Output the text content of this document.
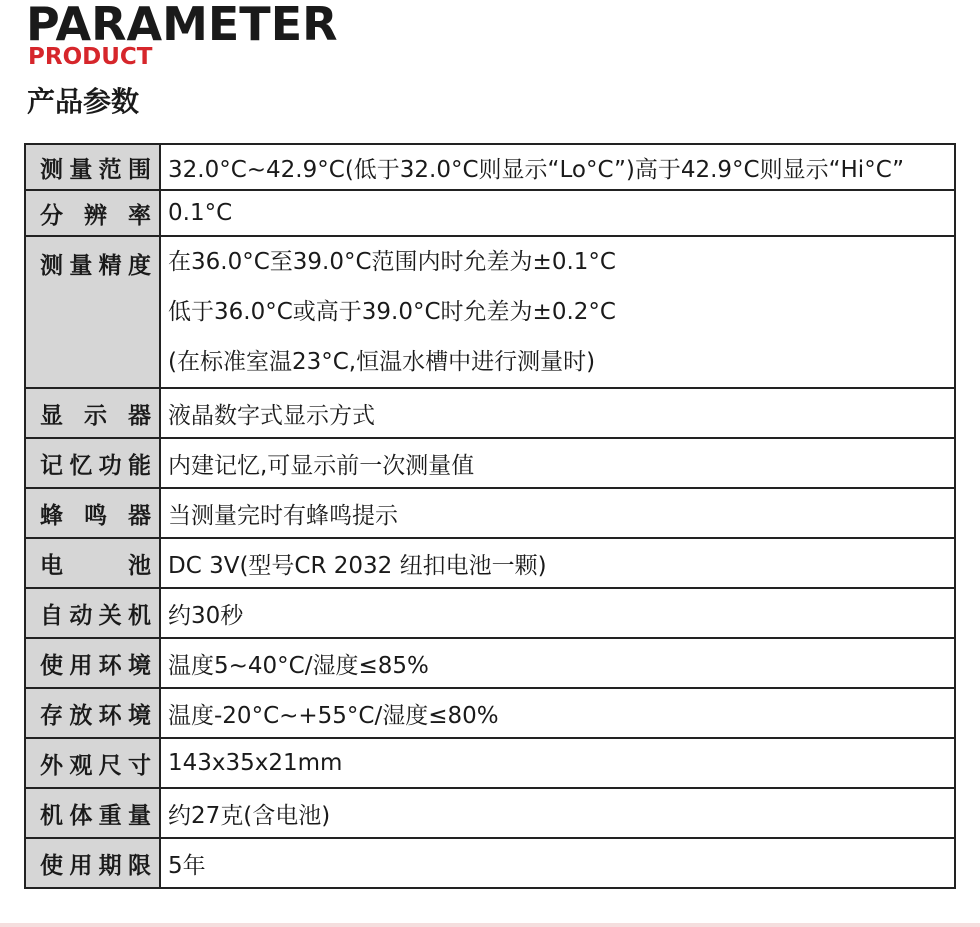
PARAMETER
PRODUCT
产品参数
测量范围	32.0°C~42.9°C(低于32.0°C则显示“Lo°C”)高于42.9°C则显示“Hi°C”
分辨率	0.1°C
测量精度	在36.0°C至39.0°C范围内时允差为±0.1°C
低于36.0°C或高于39.0°C时允差为±0.2°C
(在标准室温23°C,恒温水槽中进行测量时)

显示器	液晶数字式显示方式
记忆功能	内建记忆,可显示前一次测量值
蜂鸣器	当测量完时有蜂鸣提示
电池	DC 3V(型号CR 2032 纽扣电池一颗)
自动关机	约30秒
使用环境	温度5~40°C/湿度≤85%
存放环境	温度-20°C~+55°C/湿度≤80%
外观尺寸	143x35x21mm
机体重量	约27克(含电池)
使用期限	5年
